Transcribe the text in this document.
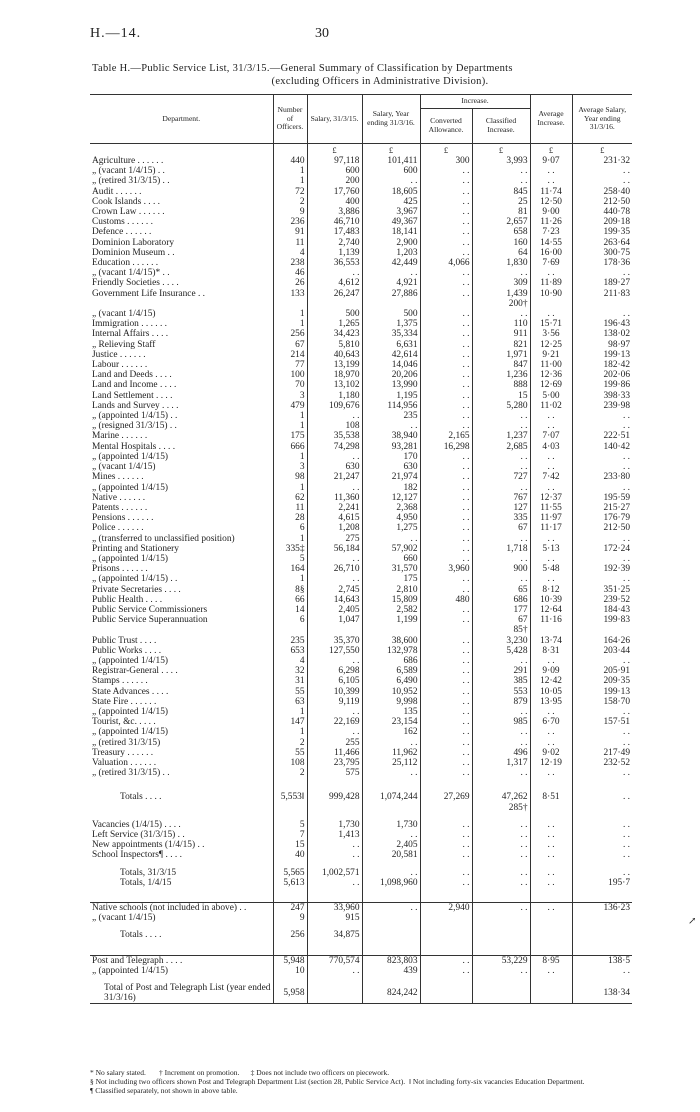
H.—14.	30
Table H.—Public Service List, 31/3/15.—General Summary of Classification by Departments
(excluding Officers in Administrative Division).
Department.	Number of Officers.	Salary, 31/3/15.	Salary, Year ending 31/3/16.	Increase.		Average Increase.	Average Salary, Year ending 31/3/16.
				Converted Allowance.	Classified Increase.		
		£	£	£	£	£	£
Agriculture . . . . . .	440	97,118	101,411	300	3,993	9·07	231·32
„ (vacant 1/4/15) . .	1	600	600	. .	. .	. .	. .
„ (retired 31/3/15) . .	1	200	. .	. .	. .	. .	. .
Audit . . . . . .	72	17,760	18,605	. .	845	11·74	258·40
Cook Islands . . . .	2	400	425	. .	25	12·50	212·50
Crown Law . . . . . .	9	3,886	3,967	. .	81	9·00	440·78
Customs . . . . . .	236	46,710	49,367	. .	2,657	11·26	209·18
Defence . . . . . .	91	17,483	18,141	. .	658	7·23	199·35
Dominion Laboratory	11	2,740	2,900	. .	160	14·55	263·64
Dominion Museum . .	4	1,139	1,203	. .	64	16·00	300·75
Education . . . . . .	238	36,553	42,449	4,066	1,830	7·69	178·36
„ (vacant 1/4/15)* . .	46	. .	. .	. .	. .	. .	. .
Friendly Societies . . . .	26	4,612	4,921	. .	309	11·89	189·27
Government Life Insurance . .	133	26,247	27,886	. .	1,439	10·90	211·83
					200†		
„ (vacant 1/4/15)	1	500	500	. .	. .	. .	. .
Immigration . . . . . .	1	1,265	1,375	. .	110	15·71	196·43
Internal Affairs . . . .	256	34,423	35,334	. .	911	3·56	138·02
„ Relieving Staff	67	5,810	6,631	. .	821	12·25	98·97
Justice . . . . . .	214	40,643	42,614	. .	1,971	9·21	199·13
Labour . . . . . .	77	13,199	14,046	. .	847	11·00	182·42
Land and Deeds . . . .	100	18,970	20,206	. .	1,236	12·36	202·06
Land and Income . . . .	70	13,102	13,990	. .	888	12·69	199·86
Land Settlement . . . .	3	1,180	1,195	. .	15	5·00	398·33
Lands and Survey . . . .	479	109,676	114,956	. .	5,280	11·02	239·98
„ (appointed 1/4/15) . .	1	. .	235	. .	. .	. .	. .
„ (resigned 31/3/15) . .	1	108	. .	. .	. .	. .	. .
Marine . . . . . .	175	35,538	38,940	2,165	1,237	7·07	222·51
Mental Hospitals . . . .	666	74,298	93,281	16,298	2,685	4·03	140·42
„ (appointed 1/4/15)	1	. .	170	. .	. .	. .	. .
„ (vacant 1/4/15)	3	630	630	. .	. .	. .	. .
Mines . . . . . .	98	21,247	21,974	. .	727	7·42	233·80
„ (appointed 1/4/15)	1	. .	182	. .	. .	. .	. .
Native . . . . . .	62	11,360	12,127	. .	767	12·37	195·59
Patents . . . . . .	11	2,241	2,368	. .	127	11·55	215·27
Pensions . . . . . .	28	4,615	4,950	. .	335	11·97	176·79
Police . . . . . .	6	1,208	1,275	. .	67	11·17	212·50
„ (transferred to unclassified position)	1	275	. .	. .	. .	. .	. .
Printing and Stationery	335‡	56,184	57,902	. .	1,718	5·13	172·24
„ (appointed 1/4/15)	5	. .	660	. .	. .	. .	. .
Prisons . . . . . .	164	26,710	31,570	3,960	900	5·48	192·39
„ (appointed 1/4/15) . .	1	. .	175	. .	. .	. .	. .
Private Secretaries . . . .	8§	2,745	2,810	. .	65	8·12	351·25
Public Health . . . .	66	14,643	15,809	480	686	10·39	239·52
Public Service Commissioners	14	2,405	2,582	. .	177	12·64	184·43
Public Service Superannuation	6	1,047	1,199	. .	67	11·16	199·83
					85†		
Public Trust . . . .	235	35,370	38,600	. .	3,230	13·74	164·26
Public Works . . . .	653	127,550	132,978	. .	5,428	8·31	203·44
„ (appointed 1/4/15)	4	. .	686	. .	. .	. .	. .
Registrar-General . . . .	32	6,298	6,589	. .	291	9·09	205·91
Stamps . . . . . .	31	6,105	6,490	. .	385	12·42	209·35
State Advances . . . .	55	10,399	10,952	. .	553	10·05	199·13
State Fire . . . . . .	63	9,119	9,998	. .	879	13·95	158·70
„ (appointed 1/4/15)	1	. .	135	. .	. .	. .	. .
Tourist, &c. . . . .	147	22,169	23,154	. .	985	6·70	157·51
„ (appointed 1/4/15)	1	. .	162	. .	. .	. .	. .
„ (retired 31/3/15)	2	255	. .	. .	. .	. .	. .
Treasury . . . . . .	55	11,466	11,962	. .	496	9·02	217·49
Valuation . . . . . .	108	23,795	25,112	. .	1,317	12·19	232·52
„ (retired 31/3/15) . .	2	575	. .	. .	. .	. .	. .

Totals . . . .	5,553‖	999,428	1,074,244	27,269	47,262	8·51	. .
					285†		

Vacancies (1/4/15) . . . .	5	1,730	1,730	. .	. .	. .	. .
Left Service (31/3/15) . .	7	1,413	. .	. .	. .	. .	. .
New appointments (1/4/15) . .	15	. .	2,405	. .	. .	. .	. .
School Inspectors¶ . . . .	40	. .	20,581	. .	. .	. .	. .

Totals, 31/3/15	5,565	1,002,571	. .	. .	. .	. .	. .
Totals, 1/4/15	5,613	. .	1,098,960	. .	. .	. .	195·7

Native schools (not included in above) . .	247	33,960	. .	2,940	. .	. .	136·23
„ (vacant 1/4/15)	9	915					

Totals . . . .	256	34,875					

Post and Telegraph . . . .	5,948	770,574	823,803	. .	53,229	8·95	138·5
„ (appointed 1/4/15)	10	. .	439	. .	. .	. .	. .

Total of Post and Telegraph List (year ended 31/3/16)	5,958		824,242				138·34
* No salary stated. † Increment on promotion. ‡ Does not include two officers on piecework.
§ Not including two officers shown Post and Telegraph Department List (section 28, Public Service Act). ‖ Not including forty-six vacancies Education Department.
¶ Classified separately, not shown in above table.
↗
